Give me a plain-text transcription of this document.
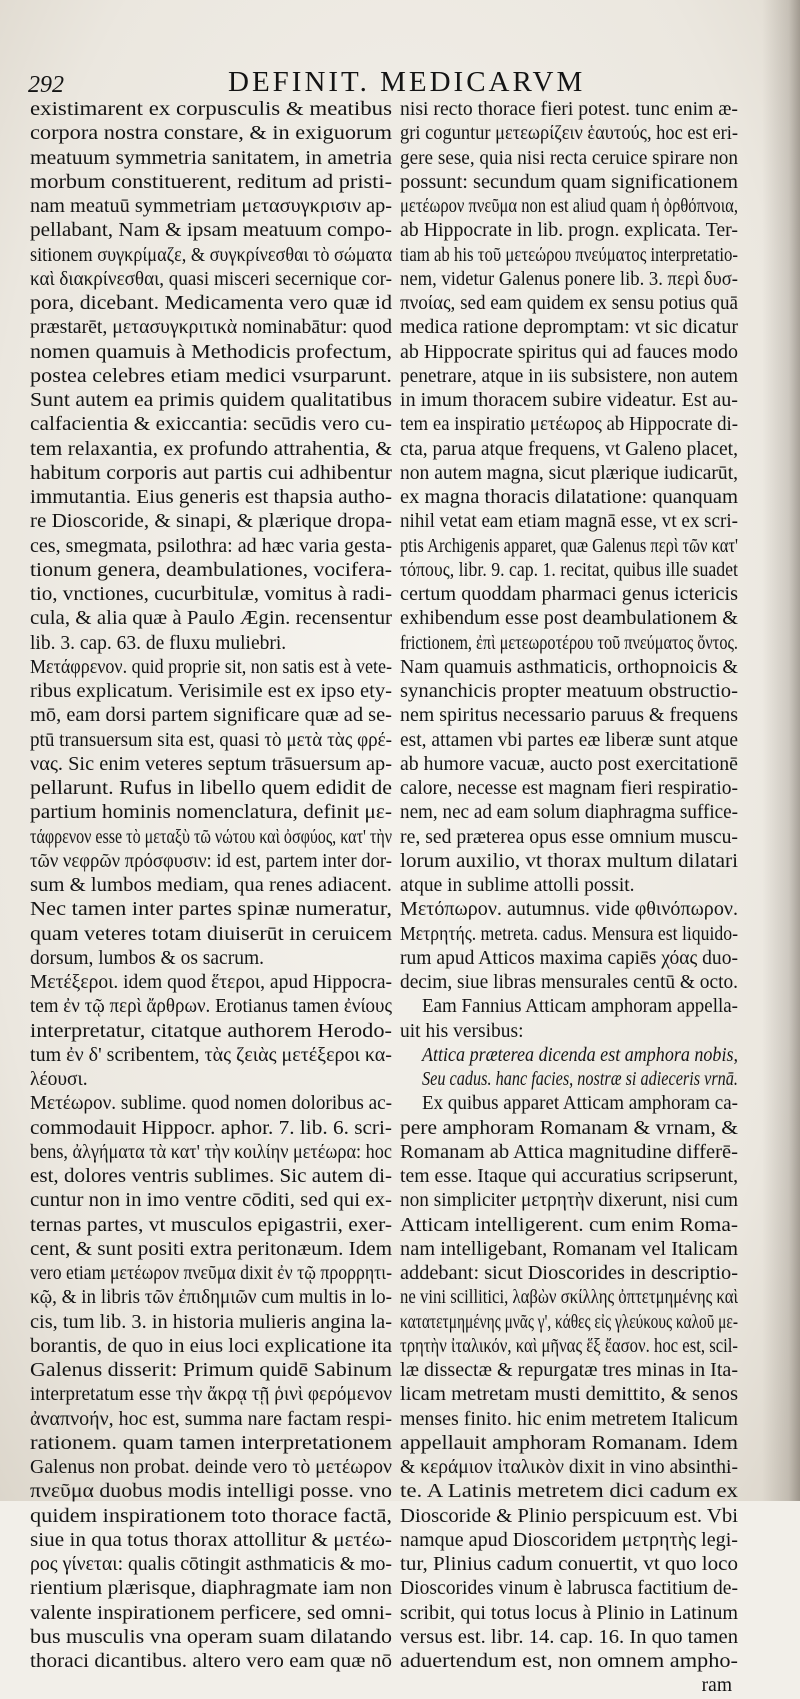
292	DEFINIT. MEDICARVM
existimarent ex corpusculis & meatibus
corpora nostra constare, & in exiguorum
meatuum symmetria sanitatem, in ametria
morbum constituerent, reditum ad pristi-
nam meatuū symmetriam μετασυγκρισιν ap-
pellabant, Nam & ipsam meatuum compo-
sitionem συγκρίμαζε, & συγκρίνεσθαι τὸ σώματα
καὶ διακρίνεσθαι, quasi misceri secernique cor-
pora, dicebant. Medicamenta vero quæ id
præstarēt, μετασυγκριτικὰ nominabātur: quod
nomen quamuis à Methodicis profectum,
postea celebres etiam medici vsurparunt.
Sunt autem ea primis quidem qualitatibus
calfacientia & exiccantia: secūdis vero cu-
tem relaxantia, ex profundo attrahentia, &
habitum corporis aut partis cui adhibentur
immutantia. Eius generis est thapsia autho-
re Dioscoride, & sinapi, & plærique dropa-
ces, smegmata, psilothra: ad hæc varia gesta-
tionum genera, deambulationes, vocifera-
tio, vnctiones, cucurbitulæ, vomitus à radi-
cula, & alia quæ à Paulo Ægin. recensentur
lib. 3. cap. 63. de fluxu muliebri.
Μετάφρενον. quid proprie sit, non satis est à vete-
ribus explicatum. Verisimile est ex ipso ety-
mō, eam dorsi partem significare quæ ad se-
ptū transuersum sita est, quasi τὸ μετὰ τὰς φρέ-
νας. Sic enim veteres septum trāsuersum ap-
pellarunt. Rufus in libello quem edidit de
partium hominis nomenclatura, definit με-
τάφρενον esse τὸ μεταξὺ τῶ νώτου καὶ ὀσφύος, κατ' τὴν
τῶν νεφρῶν πρόσφυσιν: id est, partem inter dor-
sum & lumbos mediam, qua renes adiacent.
Nec tamen inter partes spinæ numeratur,
quam veteres totam diuiserūt in ceruicem
dorsum, lumbos & os sacrum.
Μετέξεροι. idem quod ἕτεροι, apud Hippocra-
tem ἐν τῷ περὶ ἄρθρων. Erotianus tamen ἐνίους
interpretatur, citatque authorem Herodo-
tum ἐν δ' scribentem, τὰς ζειὰς μετέξεροι κα-
λέουσι.
Μετέωρον. sublime. quod nomen doloribus ac-
commodauit Hippocr. aphor. 7. lib. 6. scri-
bens, ἀλγήματα τὰ κατ' τὴν κοιλίην μετέωρα: hoc
est, dolores ventris sublimes. Sic autem di-
cuntur non in imo ventre cōditi, sed qui ex-
ternas partes, vt musculos epigastrii, exer-
cent, & sunt positi extra peritonæum. Idem
vero etiam μετέωρον πνεῦμα dixit ἐν τῷ προρρητι-
κῷ, & in libris τῶν ἐπιδημιῶν cum multis in lo-
cis, tum lib. 3. in historia mulieris angina la-
borantis, de quo in eius loci explicatione ita
Galenus disserit: Primum quidē Sabinum
interpretatum esse τὴν ἄκρᾳ τῇ ῥινὶ φερόμενον
ἀναπνοήν, hoc est, summa nare factam respi-
rationem. quam tamen interpretationem
Galenus non probat. deinde vero τὸ μετέωρον
πνεῦμα duobus modis intelligi posse. vno
quidem inspirationem toto thorace factā,
siue in qua totus thorax attollitur & μετέω-
ρος γίνεται: qualis cōtingit asthmaticis & mo-
rientium plærisque, diaphragmate iam non
valente inspirationem perficere, sed omni-
bus musculis vna operam suam dilatando
thoraci dicantibus. altero vero eam quæ nō
nisi recto thorace fieri potest. tunc enim æ-
gri coguntur μετεωρίζειν ἑαυτούς, hoc est eri-
gere sese, quia nisi recta ceruice spirare non
possunt: secundum quam significationem
μετέωρον πνεῦμα non est aliud quam ἡ ὀρθόπνοια,
ab Hippocrate in lib. progn. explicata. Ter-
tiam ab his τοῦ μετεώρου πνεύματος interpretatio-
nem, videtur Galenus ponere lib. 3. περὶ δυσ-
πνοίας, sed eam quidem ex sensu potius quā
medica ratione depromptam: vt sic dicatur
ab Hippocrate spiritus qui ad fauces modo
penetrare, atque in iis subsistere, non autem
in imum thoracem subire videatur. Est au-
tem ea inspiratio μετέωρος ab Hippocrate di-
cta, parua atque frequens, vt Galeno placet,
non autem magna, sicut plærique iudicarūt,
ex magna thoracis dilatatione: quanquam
nihil vetat eam etiam magnā esse, vt ex scri-
ptis Archigenis apparet, quæ Galenus περὶ τῶν κατ'
τόπους, libr. 9. cap. 1. recitat, quibus ille suadet
certum quoddam pharmaci genus ictericis
exhibendum esse post deambulationem &
frictionem, ἐπὶ μετεωροτέρου τοῦ πνεύματος ὄντος.
Nam quamuis asthmaticis, orthopnoicis &
synanchicis propter meatuum obstructio-
nem spiritus necessario paruus & frequens
est, attamen vbi partes eæ liberæ sunt atque
ab humore vacuæ, aucto post exercitationē
calore, necesse est magnam fieri respiratio-
nem, nec ad eam solum diaphragma suffice-
re, sed præterea opus esse omnium muscu-
lorum auxilio, vt thorax multum dilatari
atque in sublime attolli possit.
Μετόπωρον. autumnus. vide φθινόπωρον.
Μετρητής. metreta. cadus. Mensura est liquido-
rum apud Atticos maxima capiēs χόας duo-
decim, siue libras mensurales centū & octo.
Eam Fannius Atticam amphoram appella-
uit his versibus:
Attica præterea dicenda est amphora nobis,
Seu cadus. hanc facies, nostræ si adieceris vrnā.
Ex quibus apparet Atticam amphoram ca-
pere amphoram Romanam & vrnam, &
Romanam ab Attica magnitudine differē-
tem esse. Itaque qui accuratius scripserunt,
non simpliciter μετρητὴν dixerunt, nisi cum
Atticam intelligerent. cum enim Roma-
nam intelligebant, Romanam vel Italicam
addebant: sicut Dioscorides in descriptio-
ne vini scillitici, λαβὼν σκίλλης ὀπτετμημένης καὶ
κατατετμημένης μνᾶς γ', κάθες εἰς γλεύκους καλοῦ με-
τρητὴν ἰταλικόν, καὶ μῆνας ἕξ ἔασον. hoc est, scil-
læ dissectæ & repurgatæ tres minas in Ita-
licam metretam musti demittito, & senos
menses finito. hic enim metretem Italicum
appellauit amphoram Romanam. Idem
& κεράμιον ἰταλικὸν dixit in vino absinthi-
te. A Latinis metretem dici cadum ex
Dioscoride & Plinio perspicuum est. Vbi
namque apud Dioscoridem μετρητὴς legi-
tur, Plinius cadum conuertit, vt quo loco
Dioscorides vinum è labrusca factitium de-
scribit, qui totus locus à Plinio in Latinum
versus est. libr. 14. cap. 16. In quo tamen
aduertendum est, non omnem ampho-
ram
